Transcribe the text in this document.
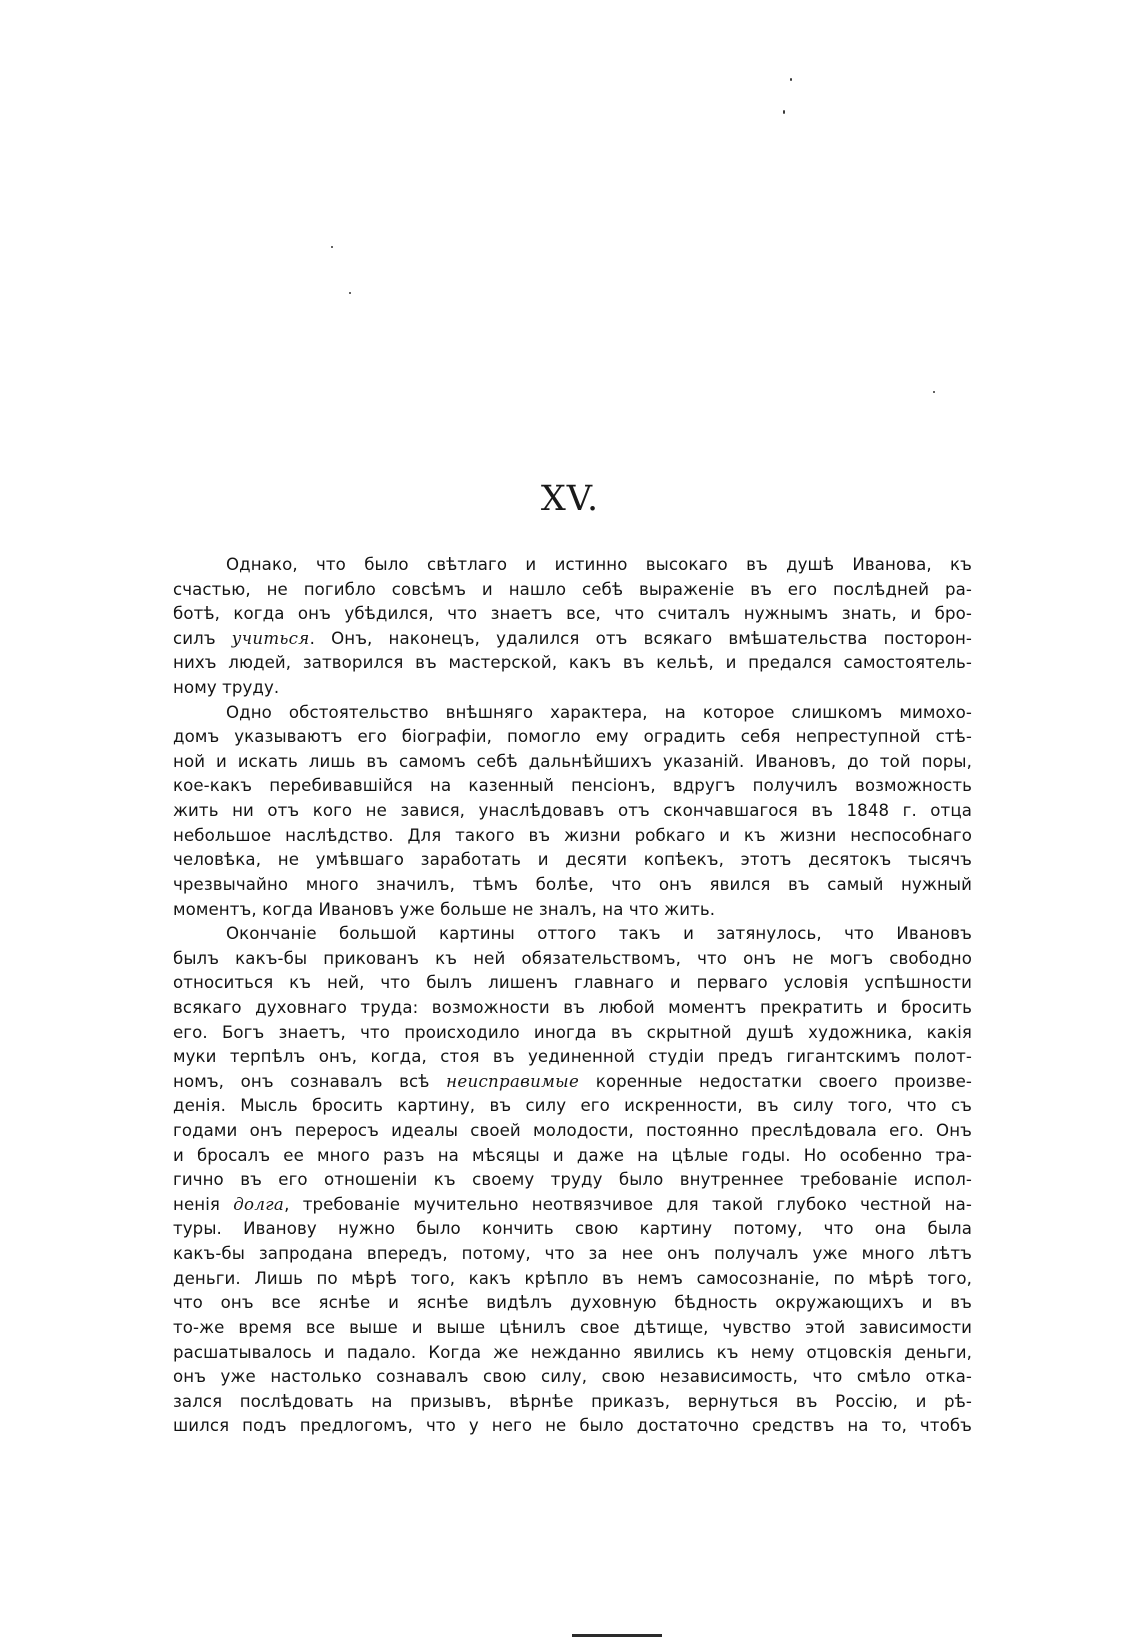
XV.
Однако, что было свѣтлаго и истинно высокаго въ душѣ Иванова, къ
счастью, не погибло совсѣмъ и нашло себѣ выраженіе въ его послѣдней ра-
ботѣ, когда онъ убѣдился, что знаетъ все, что считалъ нужнымъ знать, и бро-
силъ учиться. Онъ, наконецъ, удалился отъ всякаго вмѣшательства посторон-
нихъ людей, затворился въ мастерской, какъ въ кельѣ, и предался самостоятель-
ному труду.
Одно обстоятельство внѣшняго характера, на которое слишкомъ мимохо-
домъ указываютъ его біографіи, помогло ему оградить себя непреступной стѣ-
ной и искать лишь въ самомъ себѣ дальнѣйшихъ указаній. Ивановъ, до той поры,
кое-какъ перебивавшійся на казенный пенсіонъ, вдругъ получилъ возможность
жить ни отъ кого не завися, унаслѣдовавъ отъ скончавшагося въ 1848 г. отца
небольшое наслѣдство. Для такого въ жизни робкаго и къ жизни неспособнаго
человѣка, не умѣвшаго заработать и десяти копѣекъ, этотъ десятокъ тысячъ
чрезвычайно много значилъ, тѣмъ болѣе, что онъ явился въ самый нужный
моментъ, когда Ивановъ уже больше не зналъ, на что жить.
Окончаніе большой картины оттого такъ и затянулось, что Ивановъ
былъ какъ-бы прикованъ къ ней обязательствомъ, что онъ не могъ свободно
относиться къ ней, что былъ лишенъ главнаго и перваго условія успѣшности
всякаго духовнаго труда: возможности въ любой моментъ прекратить и бросить
его. Богъ знаетъ, что происходило иногда въ скрытной душѣ художника, какія
муки терпѣлъ онъ, когда, стоя въ уединенной студіи предъ гигантскимъ полот-
номъ, онъ сознавалъ всѣ неисправимые коренные недостатки своего произве-
денія. Мысль бросить картину, въ силу его искренности, въ силу того, что съ
годами онъ переросъ идеалы своей молодости, постоянно преслѣдовала его. Онъ
и бросалъ ее много разъ на мѣсяцы и даже на цѣлые годы. Но особенно тра-
гично въ его отношеніи къ своему труду было внутреннее требованіе испол-
ненія долга, требованіе мучительно неотвязчивое для такой глубоко честной на-
туры. Иванову нужно было кончить свою картину потому, что она была
какъ-бы запродана впередъ, потому, что за нее онъ получалъ уже много лѣтъ
деньги. Лишь по мѣрѣ того, какъ крѣпло въ немъ самосознаніе, по мѣрѣ того,
что онъ все яснѣе и яснѣе видѣлъ духовную бѣдность окружающихъ и въ
то-же время все выше и выше цѣнилъ свое дѣтище, чувство этой зависимости
расшатывалось и падало. Когда же нежданно явились къ нему отцовскія деньги,
онъ уже настолько сознавалъ свою силу, свою независимость, что смѣло отка-
зался послѣдовать на призывъ, вѣрнѣе приказъ, вернуться въ Россію, и рѣ-
шился подъ предлогомъ, что у него не было достаточно средствъ на то, чтобъ
